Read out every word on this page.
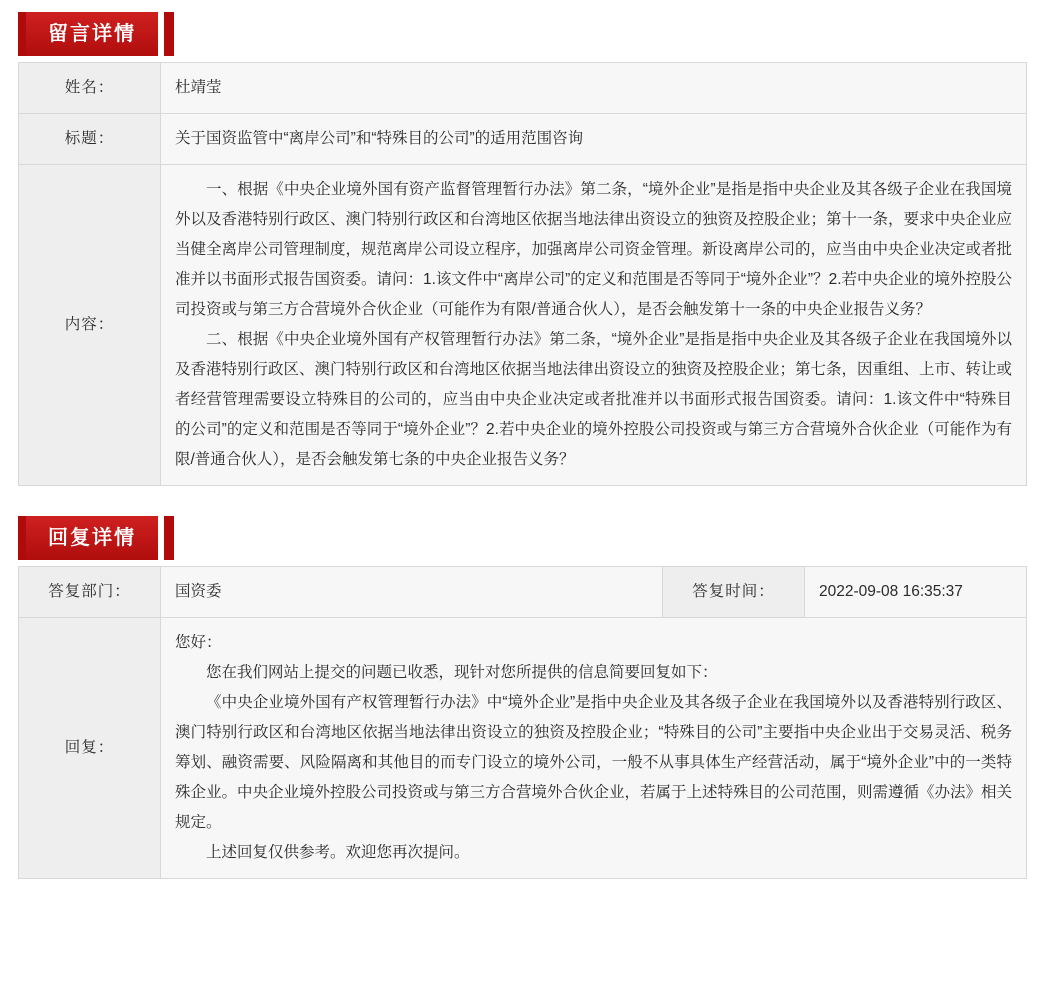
留言详情
姓名：	杜靖莹
标题：	关于国资监管中“离岸公司”和“特殊目的公司”的适用范围咨询
内容：	一、根据《中央企业境外国有资产监督管理暂行办法》第二条，“境外企业”是指是指中央企业及其各级子企业在我国境外以及香港特别行政区、澳门特别行政区和台湾地区依据当地法律出资设立的独资及控股企业；第十一条，要求中央企业应当健全离岸公司管理制度，规范离岸公司设立程序，加强离岸公司资金管理。新设离岸公司的，应当由中央企业决定或者批准并以书面形式报告国资委。请问：1.该文件中“离岸公司”的定义和范围是否等同于“境外企业”？2.若中央企业的境外控股公司投资或与第三方合营境外合伙企业（可能作为有限/普通合伙人），是否会触发第十一条的中央企业报告义务？

二、根据《中央企业境外国有产权管理暂行办法》第二条，“境外企业”是指是指中央企业及其各级子企业在我国境外以及香港特别行政区、澳门特别行政区和台湾地区依据当地法律出资设立的独资及控股企业；第七条，因重组、上市、转让或者经营管理需要设立特殊目的公司的，应当由中央企业决定或者批准并以书面形式报告国资委。请问：1.该文件中“特殊目的公司”的定义和范围是否等同于“境外企业”？2.若中央企业的境外控股公司投资或与第三方合营境外合伙企业（可能作为有限/普通合伙人），是否会触发第七条的中央企业报告义务？

回复详情
答复部门：	国资委	答复时间：	2022-09-08 16:35:37
回复：	您好：

您在我们网站上提交的问题已收悉，现针对您所提供的信息简要回复如下：

《中央企业境外国有产权管理暂行办法》中“境外企业”是指中央企业及其各级子企业在我国境外以及香港特别行政区、澳门特别行政区和台湾地区依据当地法律出资设立的独资及控股企业；“特殊目的公司”主要指中央企业出于交易灵活、税务筹划、融资需要、风险隔离和其他目的而专门设立的境外公司，一般不从事具体生产经营活动，属于“境外企业”中的一类特殊企业。中央企业境外控股公司投资或与第三方合营境外合伙企业，若属于上述特殊目的公司范围，则需遵循《办法》相关规定。

上述回复仅供参考。欢迎您再次提问。		
